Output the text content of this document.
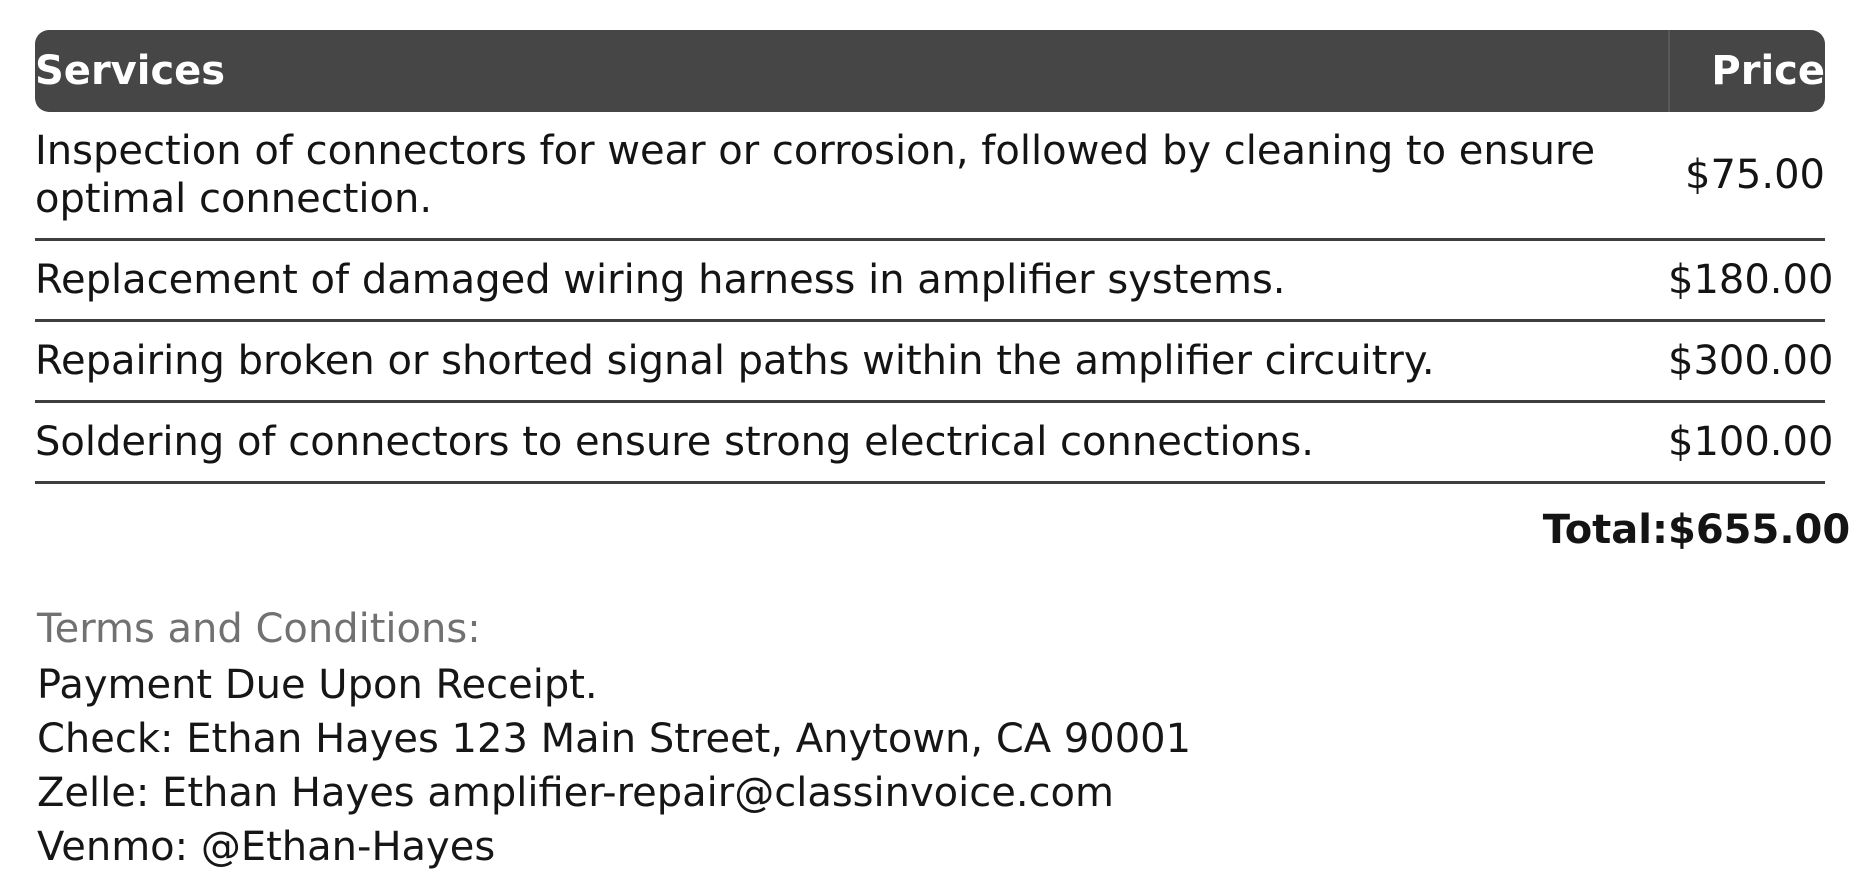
Services	Price
Inspection of connectors for wear or corrosion, followed by cleaning to ensure optimal connection.	$75.00
Replacement of damaged wiring harness in amplifier systems.	$180.00
Repairing broken or shorted signal paths within the amplifier circuitry.	$300.00
Soldering of connectors to ensure strong electrical connections.	$100.00
Total:	$655.00
Terms and Conditions:
Payment Due Upon Receipt.
Check: Ethan Hayes 123 Main Street, Anytown, CA 90001
Zelle: Ethan Hayes amplifier-repair@classinvoice.com
Venmo: @Ethan-Hayes
